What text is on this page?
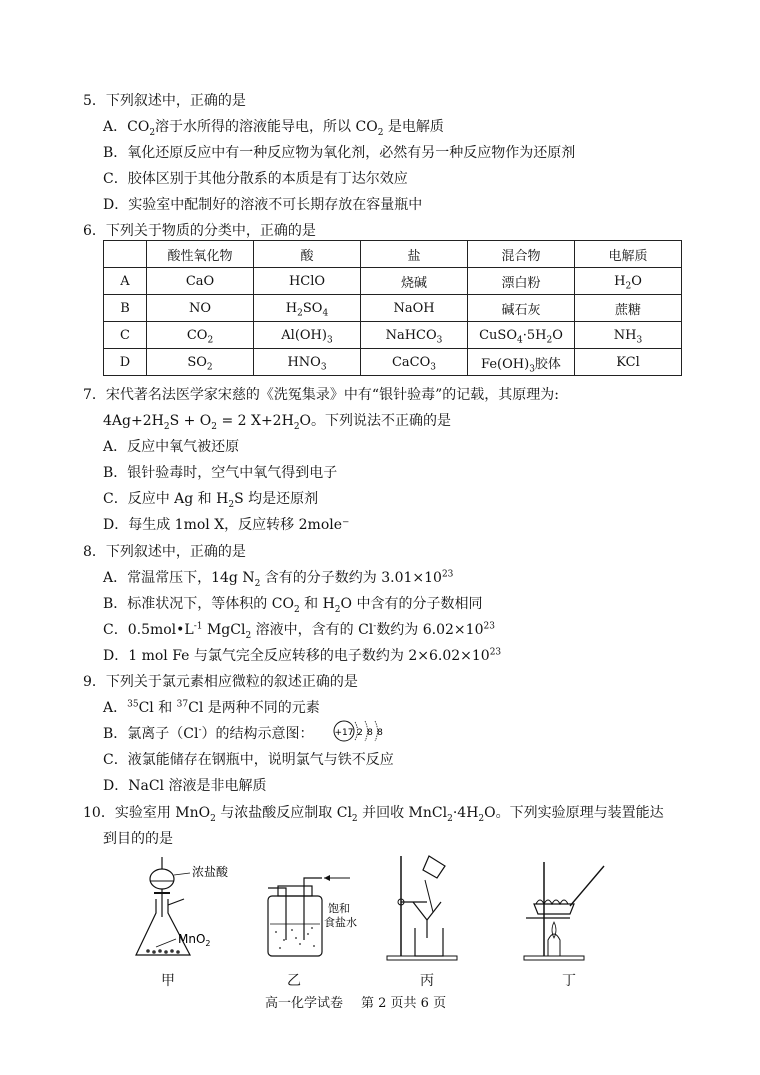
5．下列叙述中，正确的是
A．$CO_2$溶于水所得的溶液能导电，所以 $CO_2$ 是电解质
B．氧化还原反应中有一种反应物为氧化剂，必然有另一种反应物作为还原剂
C．胶体区别于其他分散系的本质是有丁达尔效应
D．实验室中配制好的溶液不可长期存放在容量瓶中
6．下列关于物质的分类中，正确的是
	酸性氧化物	酸	盐	混合物	电解质
A	CaO	HClO	烧碱	漂白粉	$H_2O$
B	NO	$H_2SO_4$	NaOH	碱石灰	蔗糖
C	$CO_2$	$Al(OH)_3$	NaHCO$_3$	$CuSO_4\cdot 5H_2O$	$NH_3$
D	$SO_2$	$HNO_3$	CaCO$_3$	$Fe(OH)_3$胶体	KCl
7．宋代著名法医学家宋慈的《洗冤集录》中有“银针验毒”的记载，其原理为:
$4Ag+2H_2S + O_2 = 2$ $X+2H_2O$。下列说法不正确的是
A．反应中氧气被还原
B．银针验毒时，空气中氧气得到电子
C．反应中 Ag 和 $H_2S$ 均是还原剂
D．每生成 1mol X，反应转移 2mole⁻
8．下列叙述中，正确的是
A．常温常压下，14g $N_2$ 含有的分子数约为 $3.01\times 10^{23}$
B．标准状况下，等体积的 $CO_2$ 和 $H_2O$ 中含有的分子数相同
C．$0.5mol•L^{-1}$ MgCl$_2$ 溶液中，含有的 Cl-数约为 $6.02\times 10^{23}$
D．1 mol Fe 与氯气完全反应转移的电子数约为 $2\times 6.02\times 10^{23}$
9．下列关于氯元素相应微粒的叙述正确的是
A．$^{35}$Cl 和 $^{37}$Cl 是两种不同的元素
B．氯离子（Cl-）的结构示意图： +17 2 8 8
C．液氯能储存在钢瓶中，说明氯气与铁不反应
D．NaCl 溶液是非电解质
10．实验室用 MnO$_2$ 与浓盐酸反应制取 $Cl_2$ 并回收 $MnCl_2\cdot 4H_2O$。下列实验原理与装置能达
到目的的是
浓盐酸
MnO$_2$
甲
饱和
食盐水
乙	丙	丁
高一化学试卷 第 2 页共 6 页
